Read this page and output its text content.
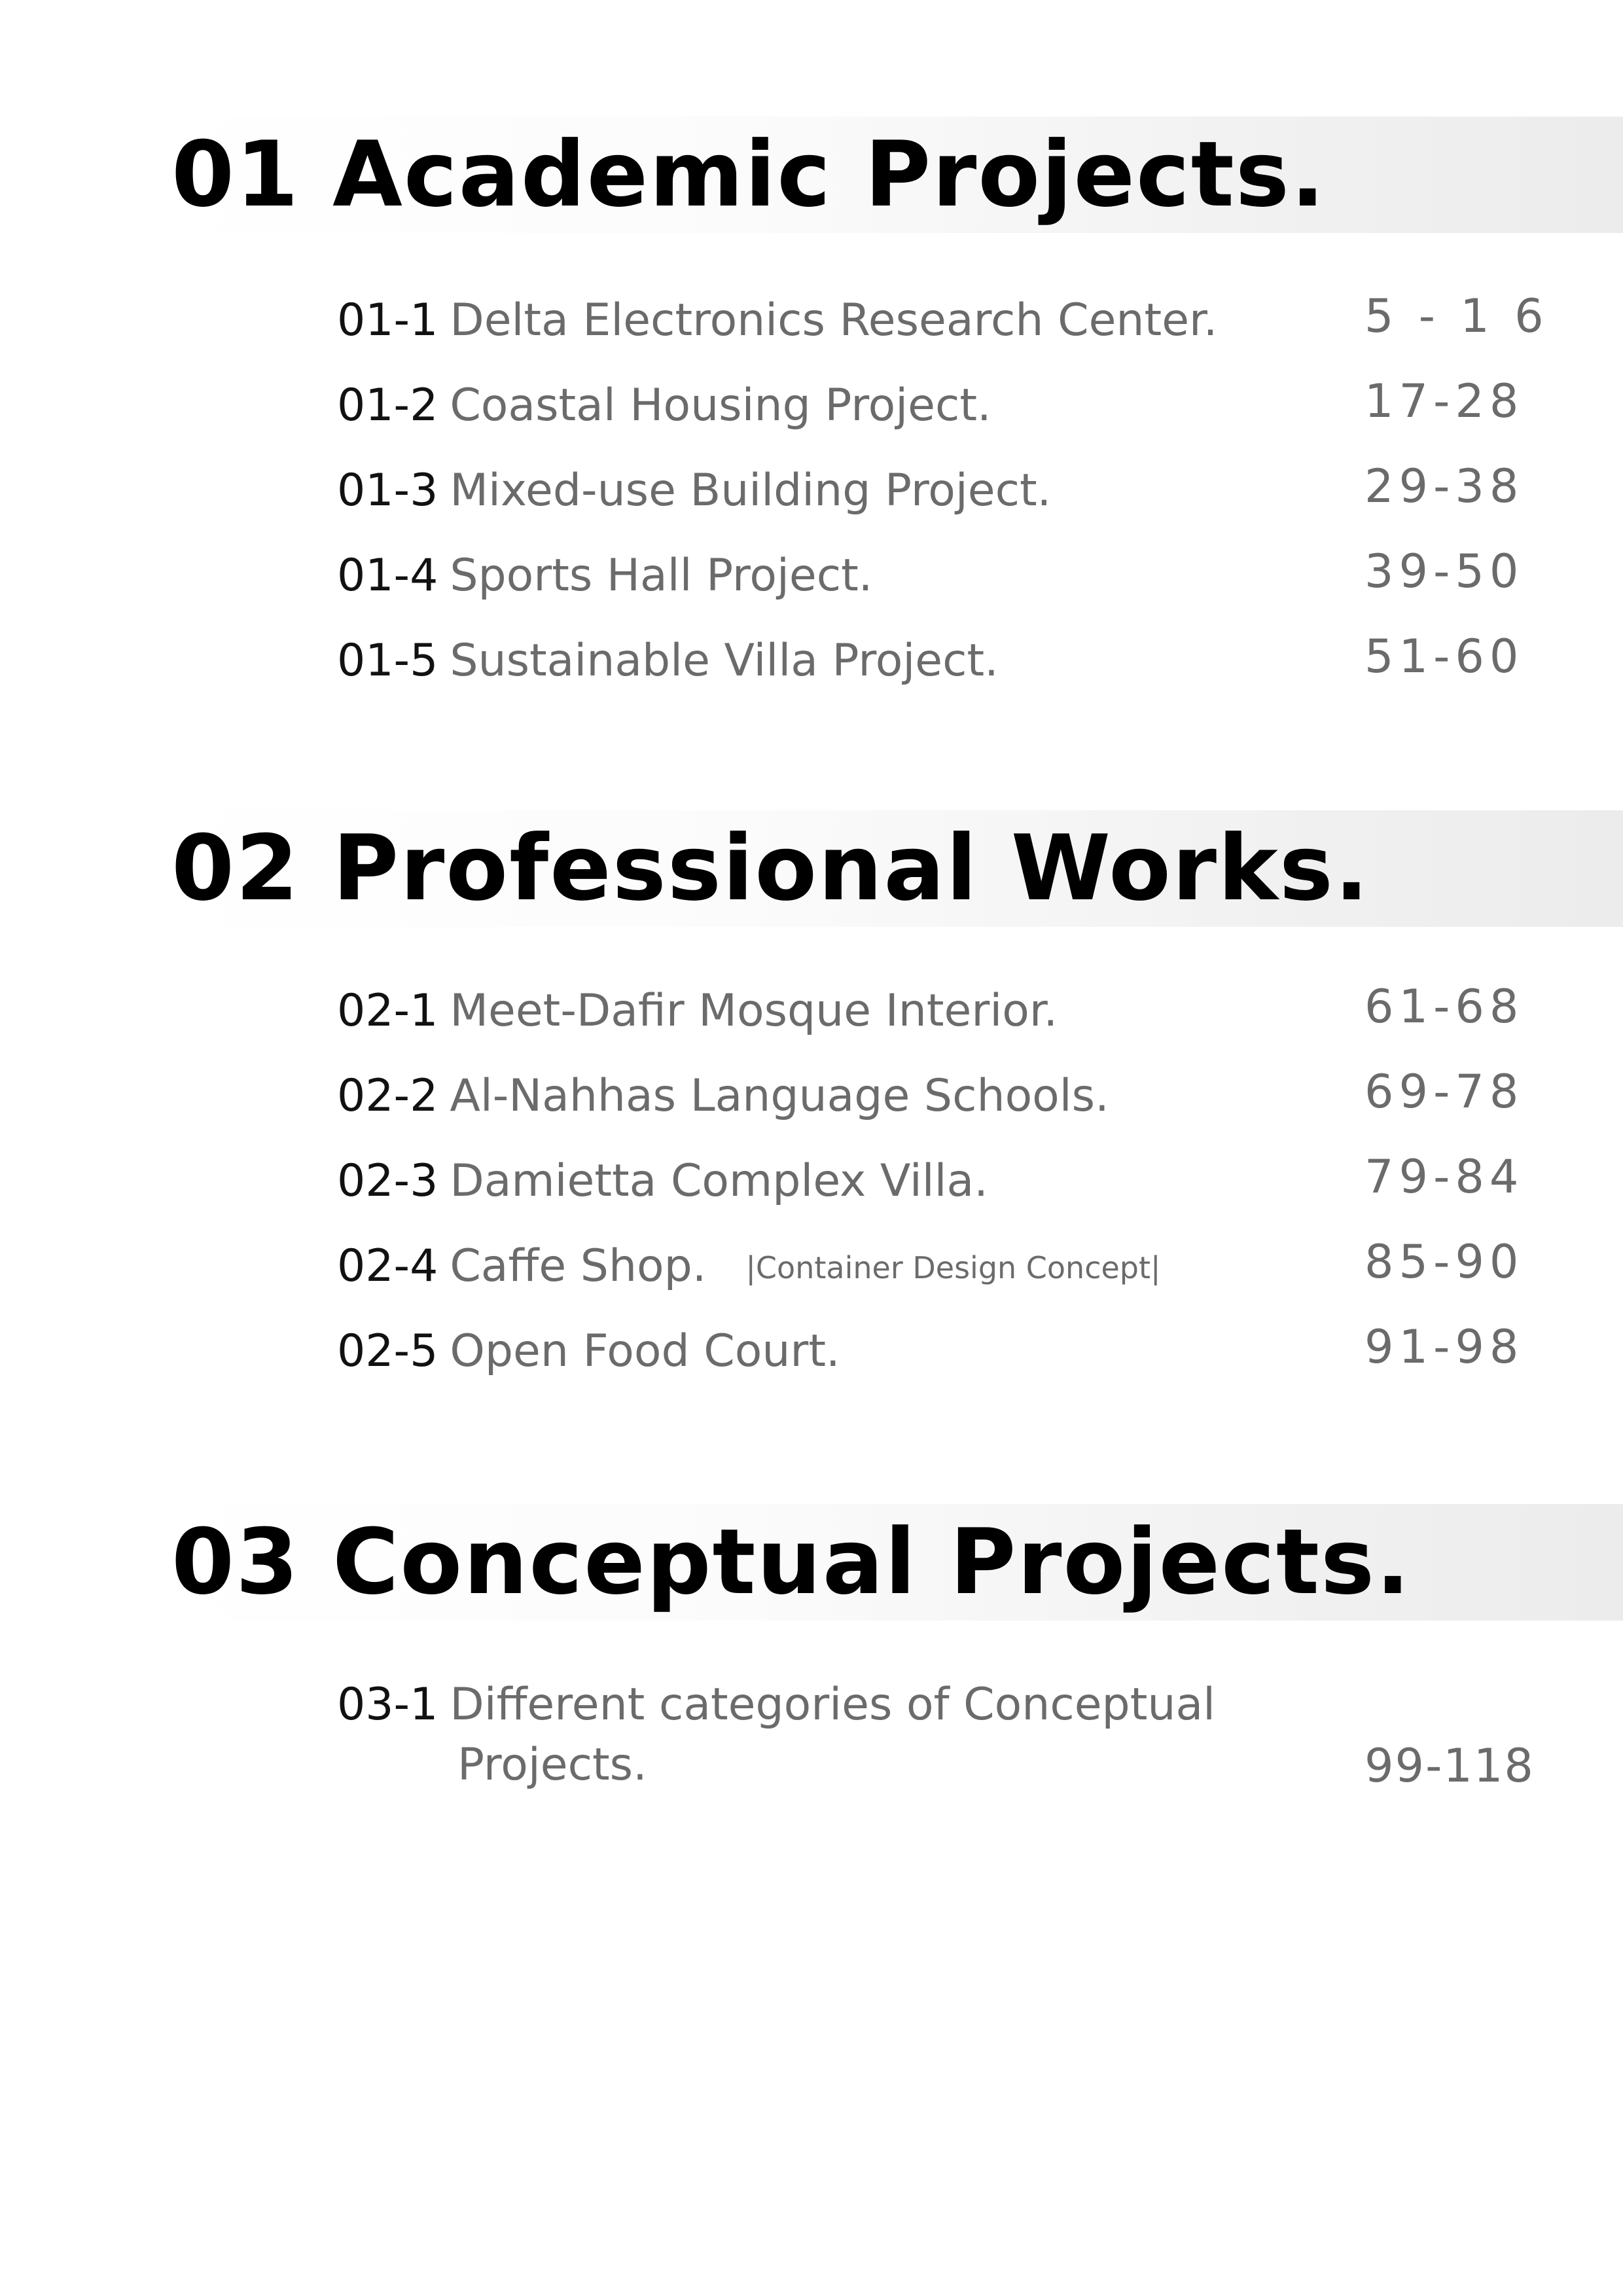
01 Academic Projects.
01-1 Delta Electronics Research Center.	5 - 1 6
01-2 Coastal Housing Project.	17-28
01-3 Mixed-use Building Project.	29-38
01-4 Sports Hall Project.	39-50
01-5 Sustainable Villa Project.	51-60
02 Professional Works.
02-1 Meet-Dafir Mosque Interior.	61-68
02-2 Al-Nahhas Language Schools.	69-78
02-3 Damietta Complex Villa.	79-84
02-4 Caffe Shop. |Container Design Concept|	85-90
02-5 Open Food Court.	91-98
03 Conceptual Projects.
03-1 Different categories of Conceptual
Projects.	99-118
